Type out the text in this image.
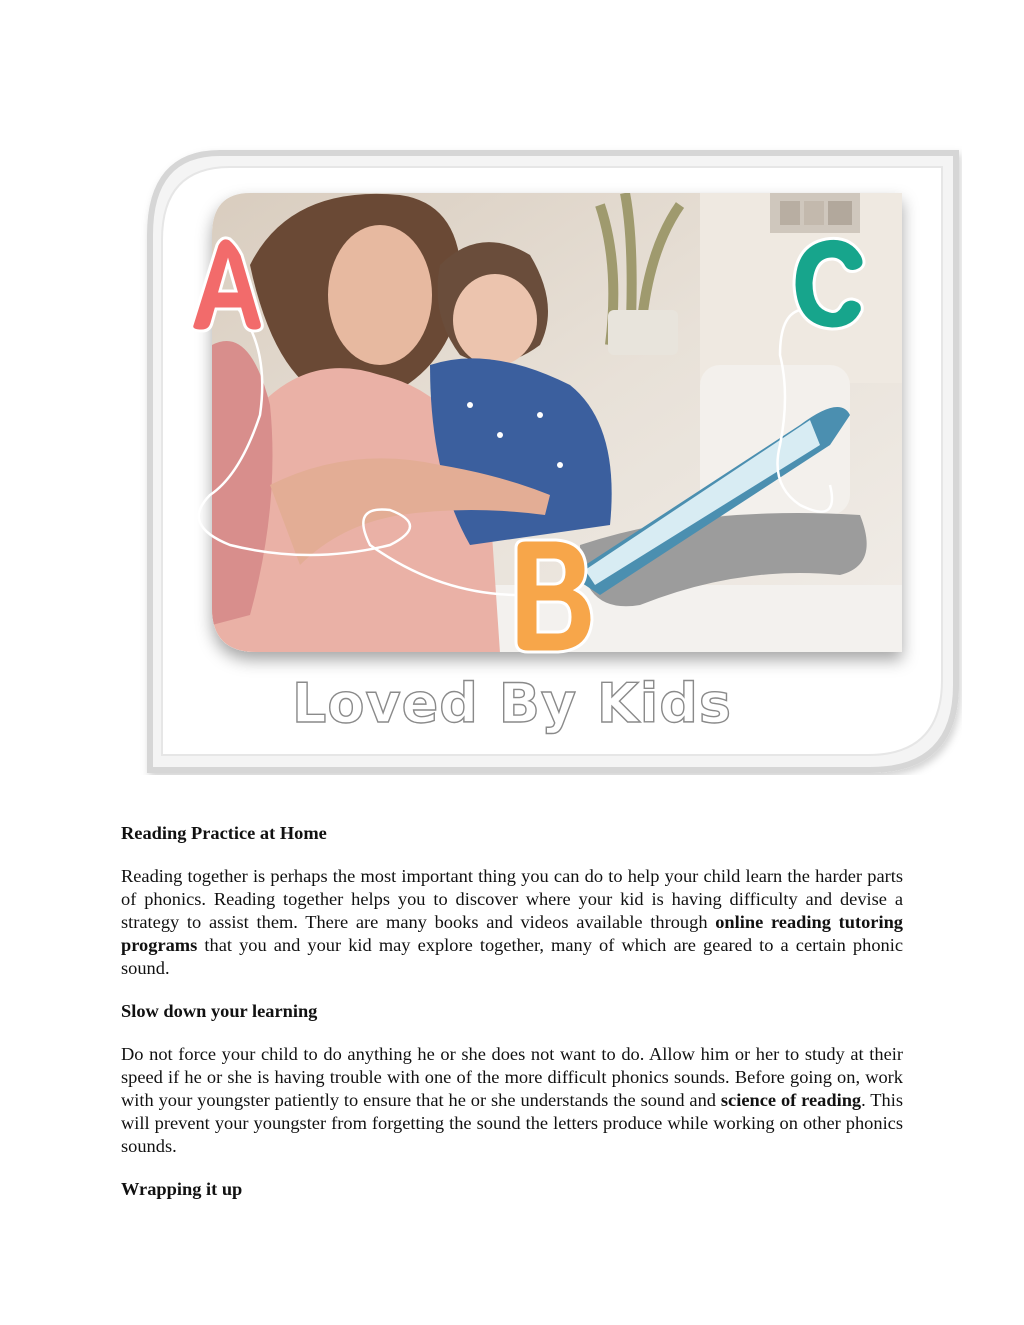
Loved By Kids
Reading Practice at Home

Reading together is perhaps the most important thing you can do to help your child learn the harder parts of phonics. Reading together helps you to discover where your kid is having difficulty and devise a strategy to assist them. There are many books and videos available through online reading tutoring programs that you and your kid may explore together, many of which are geared to a certain phonic sound.

Slow down your learning

Do not force your child to do anything he or she does not want to do. Allow him or her to study at their speed if he or she is having trouble with one of the more difficult phonics sounds. Before going on, work with your youngster patiently to ensure that he or she understands the sound and science of reading. This will prevent your youngster from forgetting the sound the letters produce while working on other phonics sounds.

Wrapping it up
